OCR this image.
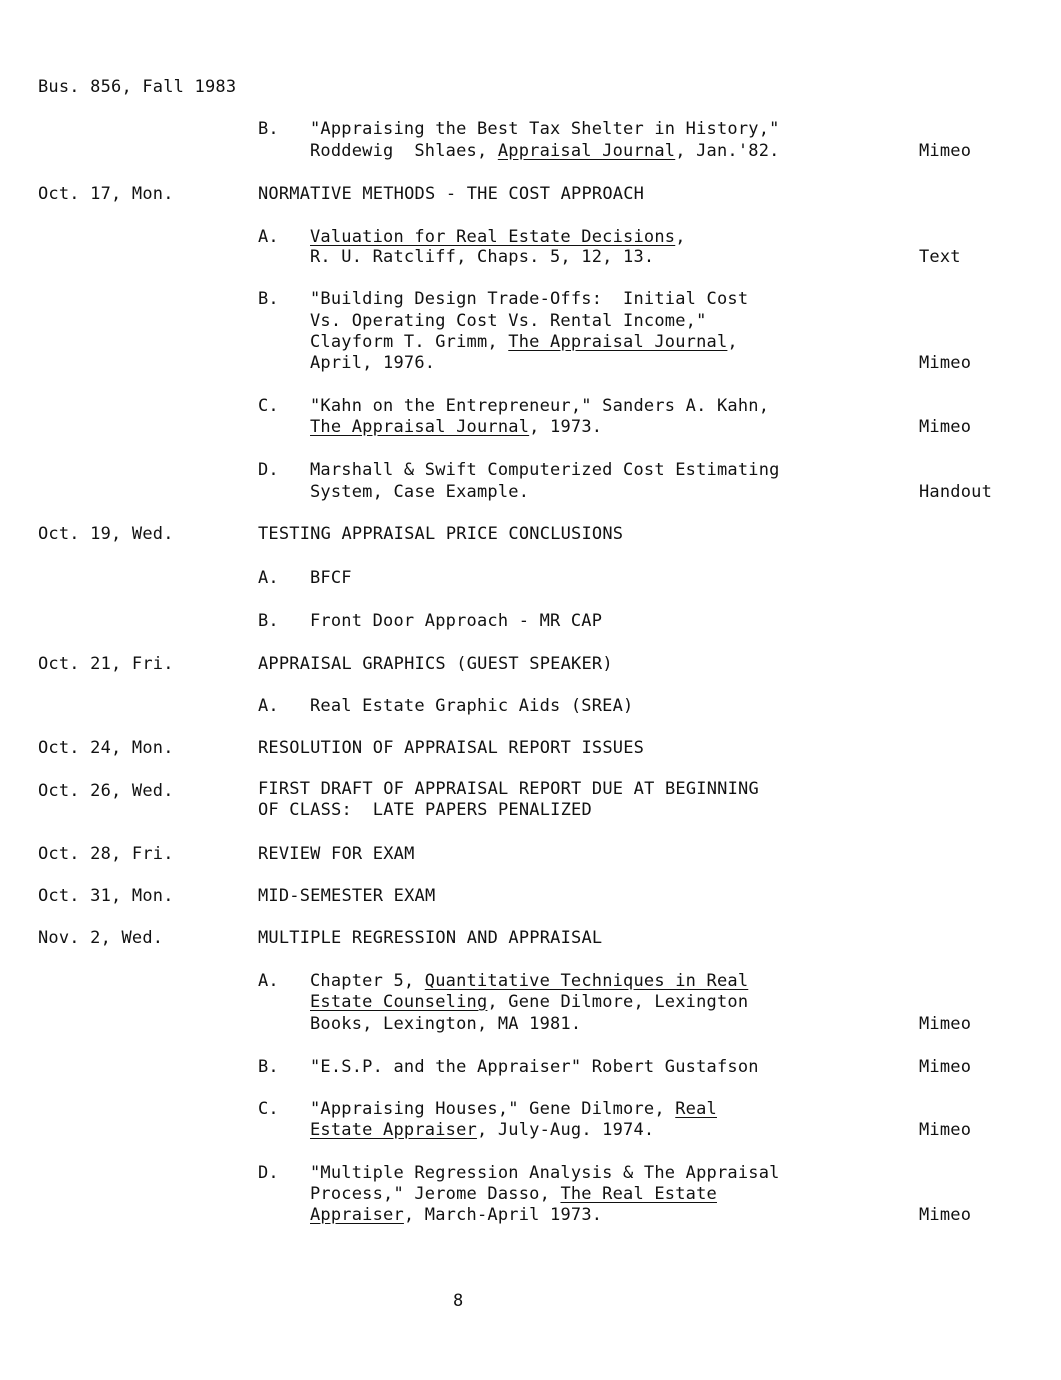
Bus. 856, Fall 1983
B. "Appraising the Best Tax Shelter in History,"
Roddewig  Shlaes, Appraisal Journal, Jan.'82.	Mimeo
Oct. 17, Mon.	NORMATIVE METHODS - THE COST APPROACH
A. Valuation for Real Estate Decisions,
R. U. Ratcliff, Chaps. 5, 12, 13.	Text
B. "Building Design Trade-Offs:  Initial Cost
Vs. Operating Cost Vs. Rental Income,"
Clayform T. Grimm, The Appraisal Journal,
April, 1976.	Mimeo
C. "Kahn on the Entrepreneur," Sanders A. Kahn,
The Appraisal Journal, 1973.	Mimeo
D. Marshall & Swift Computerized Cost Estimating
System, Case Example.	Handout
Oct. 19, Wed.	TESTING APPRAISAL PRICE CONCLUSIONS
A. BFCF
B. Front Door Approach - MR CAP
Oct. 21, Fri.	APPRAISAL GRAPHICS (GUEST SPEAKER)
A. Real Estate Graphic Aids (SREA)
Oct. 24, Mon.	RESOLUTION OF APPRAISAL REPORT ISSUES
Oct. 26, Wed.	FIRST DRAFT OF APPRAISAL REPORT DUE AT BEGINNING
OF CLASS:  LATE PAPERS PENALIZED
Oct. 28, Fri.	REVIEW FOR EXAM
Oct. 31, Mon.	MID-SEMESTER EXAM
Nov. 2, Wed.	MULTIPLE REGRESSION AND APPRAISAL
A. Chapter 5, Quantitative Techniques in Real
Estate Counseling, Gene Dilmore, Lexington
Books, Lexington, MA 1981.	Mimeo
B. "E.S.P. and the Appraiser" Robert Gustafson	Mimeo
C. "Appraising Houses," Gene Dilmore, Real
Estate Appraiser, July-Aug. 1974.	Mimeo
D. "Multiple Regression Analysis & The Appraisal
Process," Jerome Dasso, The Real Estate
Appraiser, March-April 1973.	Mimeo
8
